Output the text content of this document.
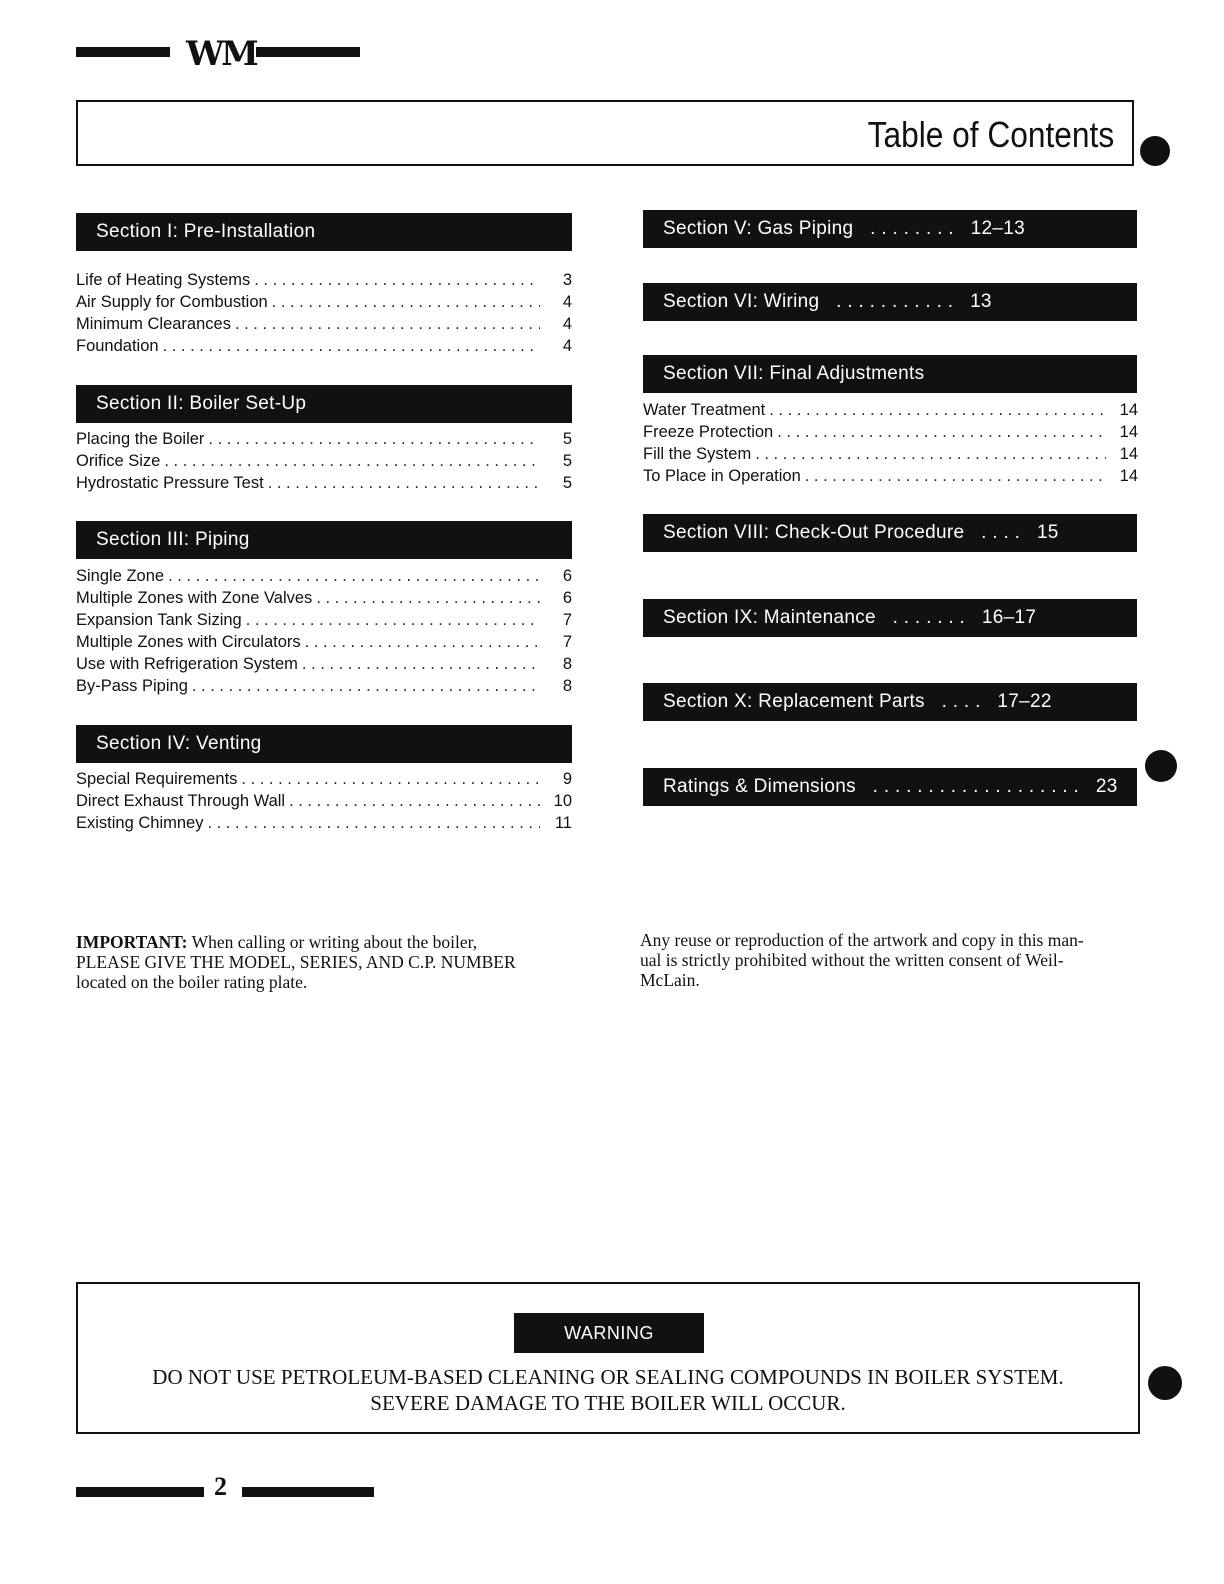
WM
Table of Contents
Section I: Pre-Installation
Life of Heating Systems . . .	3
Air Supply for Combustion . . .	4
Minimum Clearances . . .	4
Foundation . . .	4
Section II: Boiler Set-Up
Placing the Boiler . . .	5
Orifice Size . . .	5
Hydrostatic Pressure Test . . .	5
Section III: Piping
Single Zone . . .	6
Multiple Zones with Zone Valves . . .	6
Expansion Tank Sizing . . .	7
Multiple Zones with Circulators . . .	7
Use with Refrigeration System . . .	8
By-Pass Piping . . .	8
Section IV: Venting
Special Requirements . . .	9
Direct Exhaust Through Wall . . .	10
Existing Chimney . . .	11
Section V: Gas Piping . . . . . . . . 12–13
Section VI: Wiring . . . . . . . . . . . 13
Section VII: Final Adjustments
Water Treatment . . .	14
Freeze Protection . . .	14
Fill the System . . .	14
To Place in Operation . . .	14
Section VIII: Check-Out Procedure . . . . 15
Section IX: Maintenance . . . . . . . 16–17
Section X: Replacement Parts . . . . 17–22
Ratings & Dimensions . . . . . . . . . . . . . . . . . . . 23
IMPORTANT: When calling or writing about the boiler,
PLEASE GIVE THE MODEL, SERIES, AND C.P. NUMBER
located on the boiler rating plate.
Any reuse or reproduction of the artwork and copy in this man-
ual is strictly prohibited without the written consent of Weil-
McLain.
WARNING
DO NOT USE PETROLEUM-BASED CLEANING OR SEALING COMPOUNDS IN BOILER SYSTEM.
SEVERE DAMAGE TO THE BOILER WILL OCCUR.
2
